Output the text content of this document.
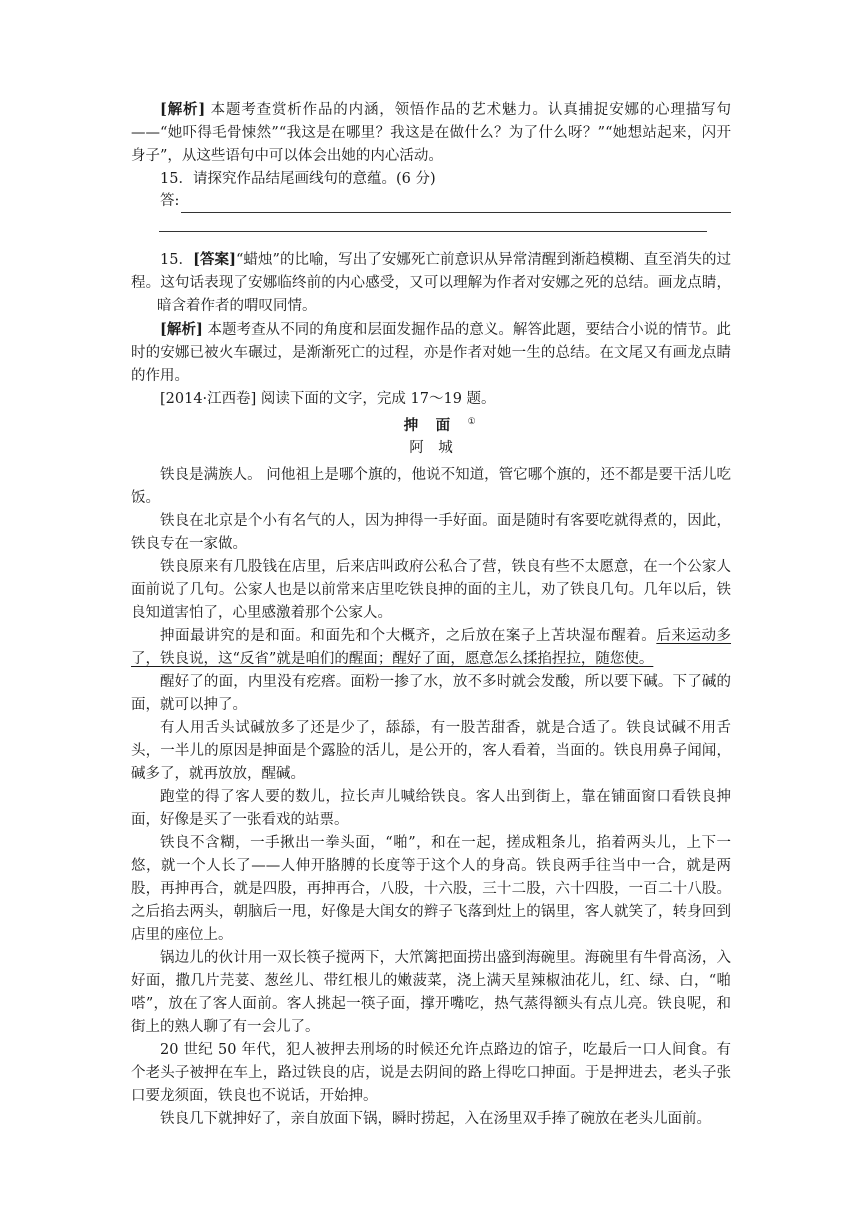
[解析] 本题考查赏析作品的内涵，领悟作品的艺术魅力。认真捕捉安娜的心理描写句——“她吓得毛骨悚然”“我这是在哪里？我这是在做什么？为了什么呀？”“她想站起来，闪开身子”，从这些语句中可以体会出她的内心活动。

15．请探究作品结尾画线句的意蕴。(6 分)

答:

15．[答案]“蜡烛”的比喻，写出了安娜死亡前意识从异常清醒到渐趋模糊、直至消失的过程。这句话表现了安娜临终前的内心感受，又可以理解为作者对安娜之死的总结。画龙点睛，暗含着作者的喟叹同情。

[解析] 本题考查从不同的角度和层面发掘作品的意义。解答此题，要结合小说的情节。此时的安娜已被火车碾过，是渐渐死亡的过程，亦是作者对她一生的总结。在文尾又有画龙点睛的作用。

[2014·江西卷] 阅读下面的文字，完成 17～19 题。

抻面①

阿城

铁良是满族人。 问他祖上是哪个旗的，他说不知道，管它哪个旗的，还不都是要干活儿吃饭。

铁良在北京是个小有名气的人，因为抻得一手好面。面是随时有客要吃就得煮的，因此，铁良专在一家做。

铁良原来有几股钱在店里，后来店叫政府公私合了营，铁良有些不太愿意，在一个公家人面前说了几句。公家人也是以前常来店里吃铁良抻的面的主儿，劝了铁良几句。几年以后，铁良知道害怕了，心里感激着那个公家人。

抻面最讲究的是和面。和面先和个大概齐，之后放在案子上苫块湿布醒着。后来运动多了，铁良说，这“反省”就是咱们的醒面；醒好了面，愿意怎么揉掐捏拉，随您使。

醒好了的面，内里没有疙瘩。面粉一掺了水，放不多时就会发酸，所以要下碱。下了碱的面，就可以抻了。

有人用舌头试碱放多了还是少了，舔舔，有一股苦甜香，就是合适了。铁良试碱不用舌头，一半儿的原因是抻面是个露脸的活儿，是公开的，客人看着，当面的。铁良用鼻子闻闻，碱多了，就再放放，醒碱。

跑堂的得了客人要的数儿，拉长声儿喊给铁良。客人出到街上，靠在铺面窗口看铁良抻面，好像是买了一张看戏的站票。

铁良不含糊，一手揪出一拳头面，“啪”，和在一起，搓成粗条儿，掐着两头儿，上下一悠，就一个人长了——人伸开胳膊的长度等于这个人的身高。铁良两手往当中一合，就是两股，再抻再合，就是四股，再抻再合，八股，十六股，三十二股，六十四股，一百二十八股。之后掐去两头，朝脑后一甩，好像是大闺女的辫子飞落到灶上的锅里，客人就笑了，转身回到店里的座位上。

锅边儿的伙计用一双长筷子搅两下，大笊篱把面捞出盛到海碗里。海碗里有牛骨高汤，入好面，撒几片芫荽、葱丝儿、带红根儿的嫩菠菜，浇上满天星辣椒油花儿，红、绿、白，“啪嗒”，放在了客人面前。客人挑起一筷子面，撑开嘴吃，热气蒸得额头有点儿亮。铁良呢，和街上的熟人聊了有一会儿了。

20 世纪 50 年代，犯人被押去刑场的时候还允许点路边的馆子，吃最后一口人间食。有个老头子被押在车上，路过铁良的店，说是去阴间的路上得吃口抻面。于是押进去，老头子张口要龙须面，铁良也不说话，开始抻。

铁良几下就抻好了，亲自放面下锅，瞬时捞起，入在汤里双手捧了碗放在老头儿面前。
